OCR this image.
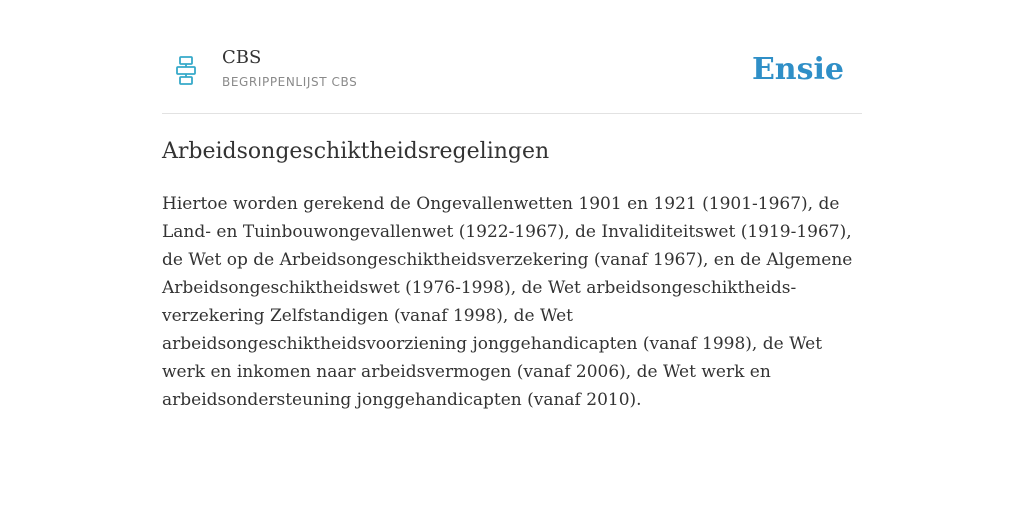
CBS
BEGRIPPENLIJST CBS	Ensie
Arbeidsongeschiktheidsregelingen

Hiertoe worden gerekend de Ongevallenwetten 1901 en 1921 (1901-1967), de
Land- en Tuinbouwongevallenwet (1922-1967), de Invaliditeitswet (1919-1967),
de Wet op de Arbeidsongeschiktheidsverzekering (vanaf 1967), en de Algemene
Arbeidsongeschiktheidswet (1976-1998), de Wet arbeidsongeschiktheids-
verzekering Zelfstandigen (vanaf 1998), de Wet
arbeidsongeschiktheidsvoorziening jonggehandicapten (vanaf 1998), de Wet
werk en inkomen naar arbeidsvermogen (vanaf 2006), de Wet werk en
arbeidsondersteuning jonggehandicapten (vanaf 2010).
